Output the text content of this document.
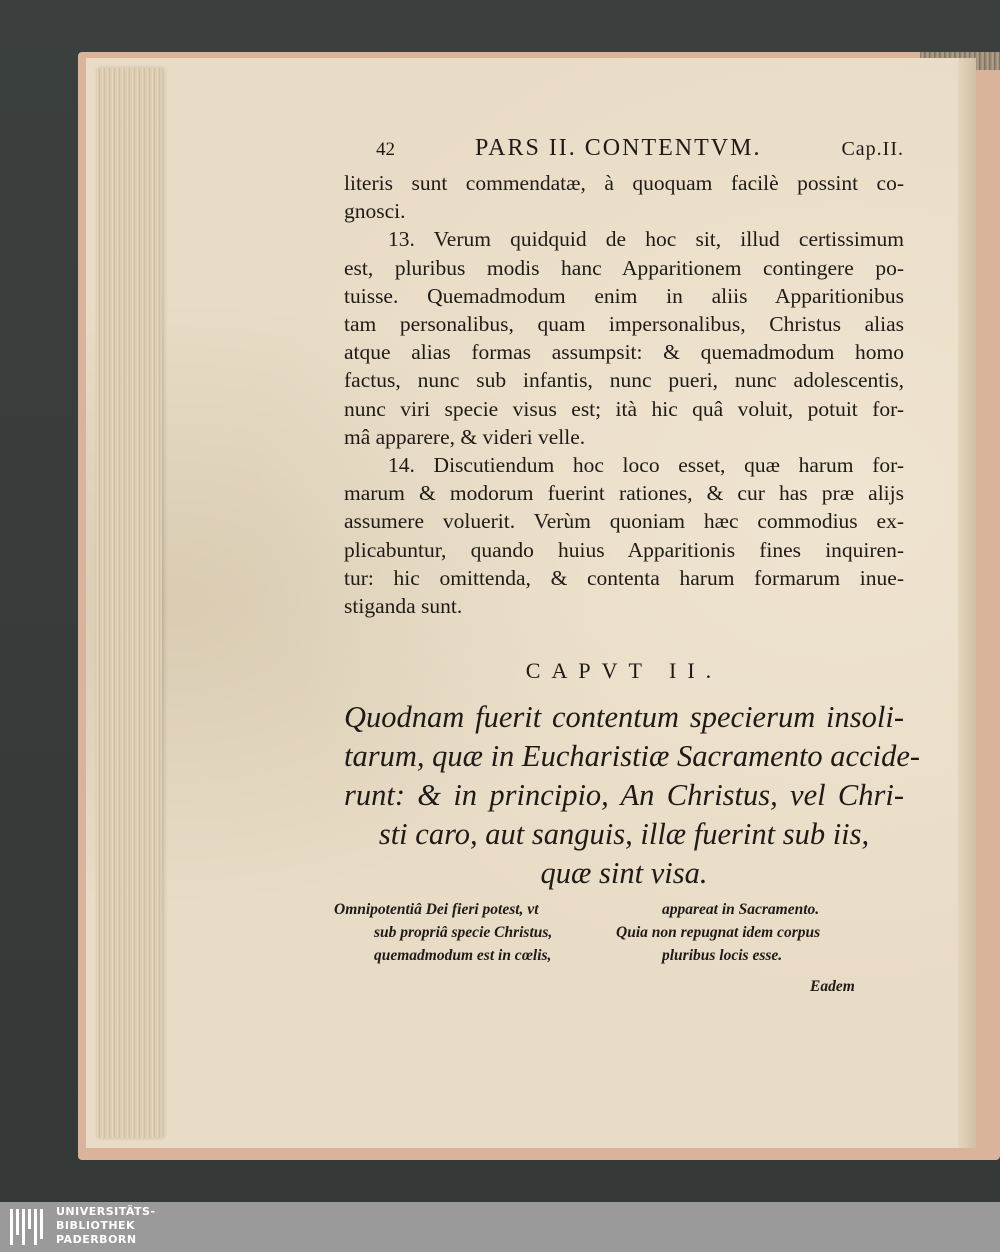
42	PARS II. CONTENTVM.	Cap.II.

literis sunt commendatæ, à quoquam facilè possint co-
gnosci.

13. Verum quidquid de hoc sit, illud certissimum
est, pluribus modis hanc Apparitionem contingere po-
tuisse. Quemadmodum enim in aliis Apparitionibus
tam personalibus, quam impersonalibus, Christus alias
atque alias formas assumpsit: & quemadmodum homo
factus, nunc sub infantis, nunc pueri, nunc adolescentis,
nunc viri specie visus est; ità hic quâ voluit, potuit for-
mâ apparere, & videri velle.

14. Discutiendum hoc loco esset, quæ harum for-
marum & modorum fuerint rationes, & cur has præ alijs
assumere voluerit. Verùm quoniam hæc commodius ex-
plicabuntur, quando huius Apparitionis fines inquiren-
tur: hic omittenda, & contenta harum formarum inue-
stiganda sunt.

CAPVT II.
Quodnam fuerit contentum specierum insoli-
tarum, quæ in Eucharistiæ Sacramento accide-
runt: & in principio, An Christus, vel Chri-
sti caro, aut sanguis, illæ fuerint sub iis,
quæ sint visa.
Omnipotentiâ Dei fieri potest, vt
sub propriâ specie Christus,
quemadmodum est in cœlis,
appareat in Sacramento.
Quia non repugnat idem corpus
pluribus locis esse.
Eadem
UNIVERSITÄTS-
BIBLIOTHEK
PADERBORN
